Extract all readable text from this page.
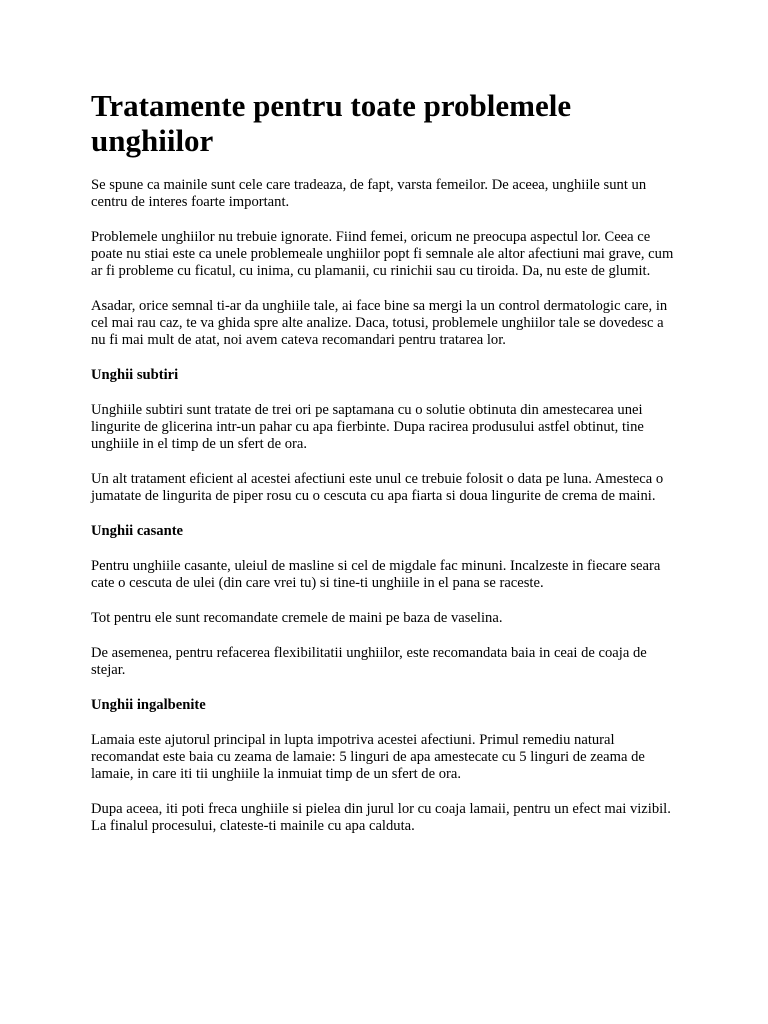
Tratamente pentru toate problemele unghiilor

Se spune ca mainile sunt cele care tradeaza, de fapt, varsta femeilor. De aceea, unghiile sunt un centru de interes foarte important.

Problemele unghiilor nu trebuie ignorate. Fiind femei, oricum ne preocupa aspectul lor. Ceea ce poate nu stiai este ca unele problemeale unghiilor popt fi semnale ale altor afectiuni mai grave, cum ar fi probleme cu ficatul, cu inima, cu plamanii, cu rinichii sau cu tiroida. Da, nu este de glumit.

Asadar, orice semnal ti-ar da unghiile tale, ai face bine sa mergi la un control dermatologic care, in cel mai rau caz, te va ghida spre alte analize. Daca, totusi, problemele unghiilor tale se dovedesc a nu fi mai mult de atat, noi avem cateva recomandari pentru tratarea lor.

Unghii subtiri

Unghiile subtiri sunt tratate de trei ori pe saptamana cu o solutie obtinuta din amestecarea unei lingurite de glicerina intr-un pahar cu apa fierbinte. Dupa racirea produsului astfel obtinut, tine unghiile in el timp de un sfert de ora.

Un alt tratament eficient al acestei afectiuni este unul ce trebuie folosit o data pe luna. Amesteca o jumatate de lingurita de piper rosu cu o cescuta cu apa fiarta si doua lingurite de crema de maini.

Unghii casante

Pentru unghiile casante, uleiul de masline si cel de migdale fac minuni. Incalzeste in fiecare seara cate o cescuta de ulei (din care vrei tu) si tine-ti unghiile in el pana se raceste.

Tot pentru ele sunt recomandate cremele de maini pe baza de vaselina.

De asemenea, pentru refacerea flexibilitatii unghiilor, este recomandata baia in ceai de coaja de stejar.

Unghii ingalbenite

Lamaia este ajutorul principal in lupta impotriva acestei afectiuni. Primul remediu natural recomandat este baia cu zeama de lamaie: 5 linguri de apa amestecate cu 5 linguri de zeama de lamaie, in care iti tii unghiile la inmuiat timp de un sfert de ora.

Dupa aceea, iti poti freca unghiile si pielea din jurul lor cu coaja lamaii, pentru un efect mai vizibil. La finalul procesului, clateste-ti mainile cu apa calduta.
